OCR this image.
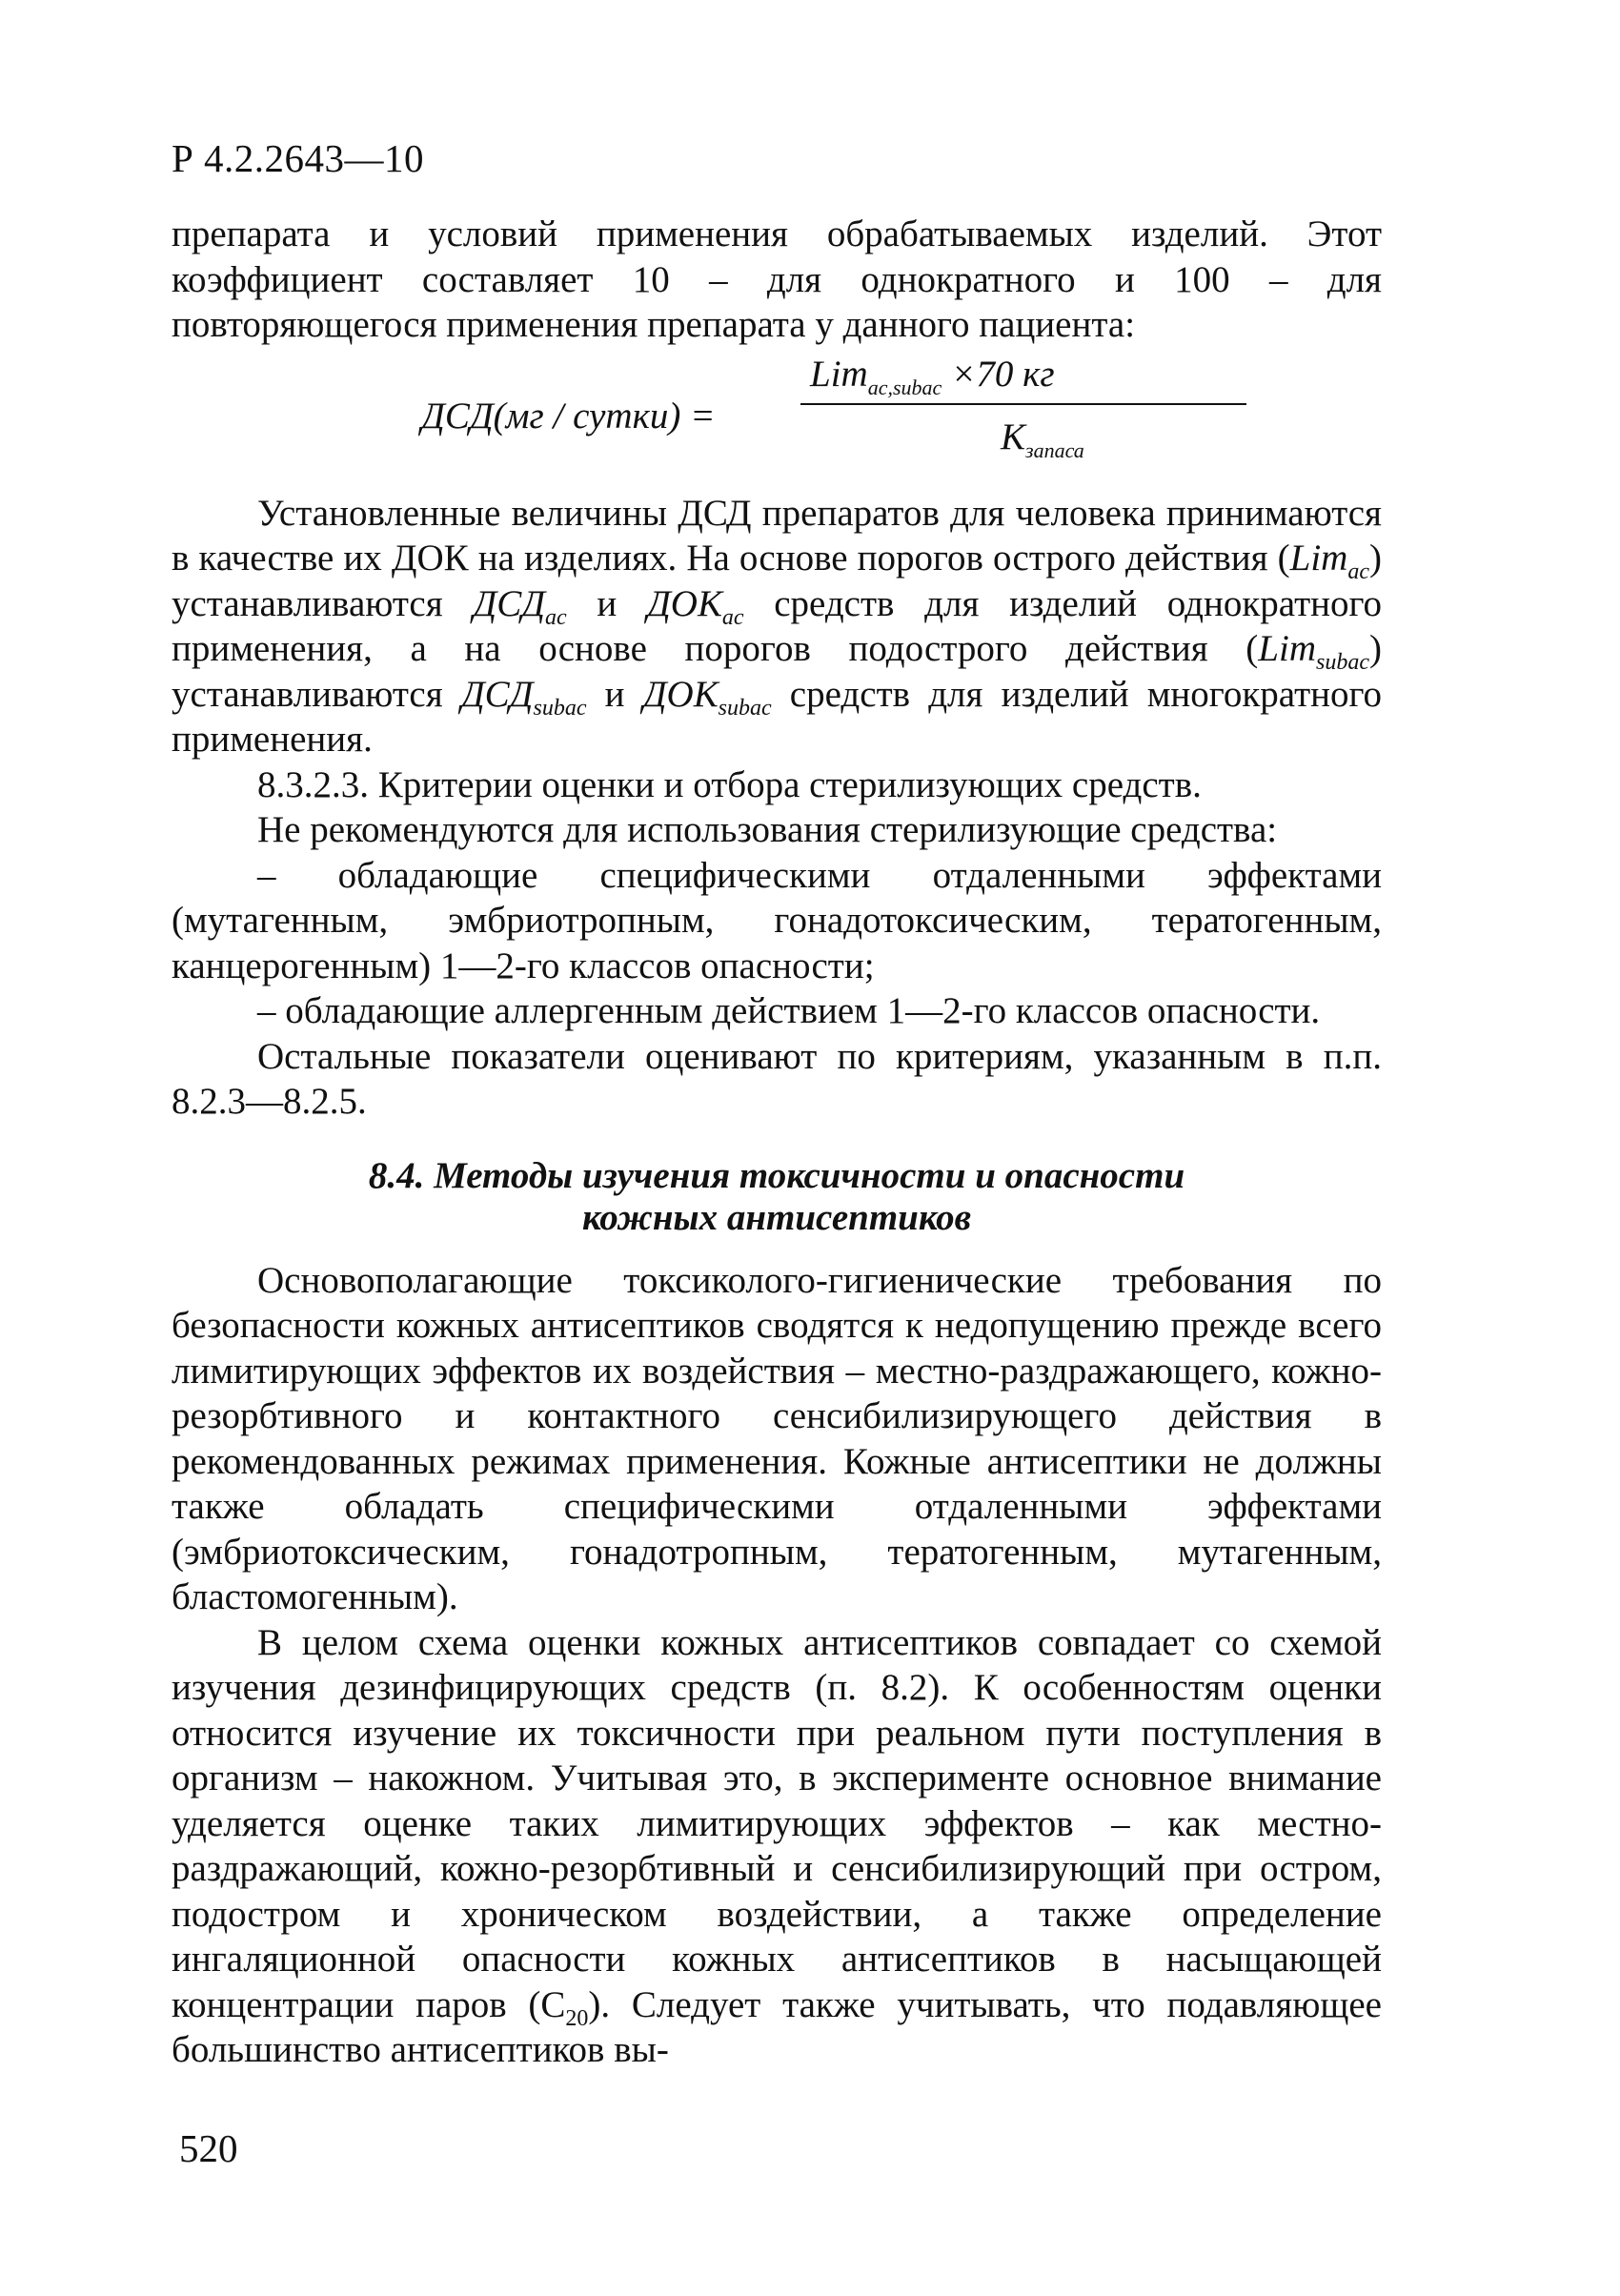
Р 4.2.2643—10

препарата и условий применения обрабатываемых изделий. Этот коэффициент составляет 10 – для однократного и 100 – для повторяющегося применения препарата у данного пациента:

ДСД(мг / сутки) =
Lim$_{ac,subac}$ ×70 кг
$K_{запаса}$

Установленные величины ДСД препаратов для человека принимаются в качестве их ДОК на изделиях. На основе порогов острого действия (Lim$_{ac}$) устанавливаются $ДСД_{ac}$ и $ДОК_{ac}$ средств для изделий однократного применения, а на основе порогов подострого действия (Lim$_{subac}$) устанавливаются $ДСД_{subac}$ и $ДОК_{subac}$ средств для изделий многократного применения.

8.3.2.3. Критерии оценки и отбора стерилизующих средств.

Не рекомендуются для использования стерилизующие средства:

– обладающие специфическими отдаленными эффектами (мутагенным, эмбриотропным, гонадотоксическим, тератогенным, канцерогенным) 1—2-го классов опасности;

– обладающие аллергенным действием 1—2-го классов опасности.

Остальные показатели оценивают по критериям, указанным в п.п. 8.2.3—8.2.5.

8.4. Методы изучения токсичности и опасности
кожных антисептиков

Основополагающие токсиколого-гигиенические требования по безопасности кожных антисептиков сводятся к недопущению прежде всего лимитирующих эффектов их воздействия – местно-раздражающего, кожно-резорбтивного и контактного сенсибилизирующего действия в рекомендованных режимах применения. Кожные антисептики не должны также обладать специфическими отдаленными эффектами (эмбриотоксическим, гонадотропным, тератогенным, мутагенным, бластомогенным).

В целом схема оценки кожных антисептиков совпадает со схемой изучения дезинфицирующих средств (п. 8.2). К особенностям оценки относится изучение их токсичности при реальном пути поступления в организм – накожном. Учитывая это, в эксперименте основное внимание уделяется оценке таких лимитирующих эффектов – как местно-раздражающий, кожно-резорбтивный и сенсибилизирующий при остром, подостром и хроническом воздействии, а также определение ингаляционной опасности кожных антисептиков в насыщающей концентрации паров $(C_{20})$. Следует также учитывать, что подавляющее большинство антисептиков вы-

520
